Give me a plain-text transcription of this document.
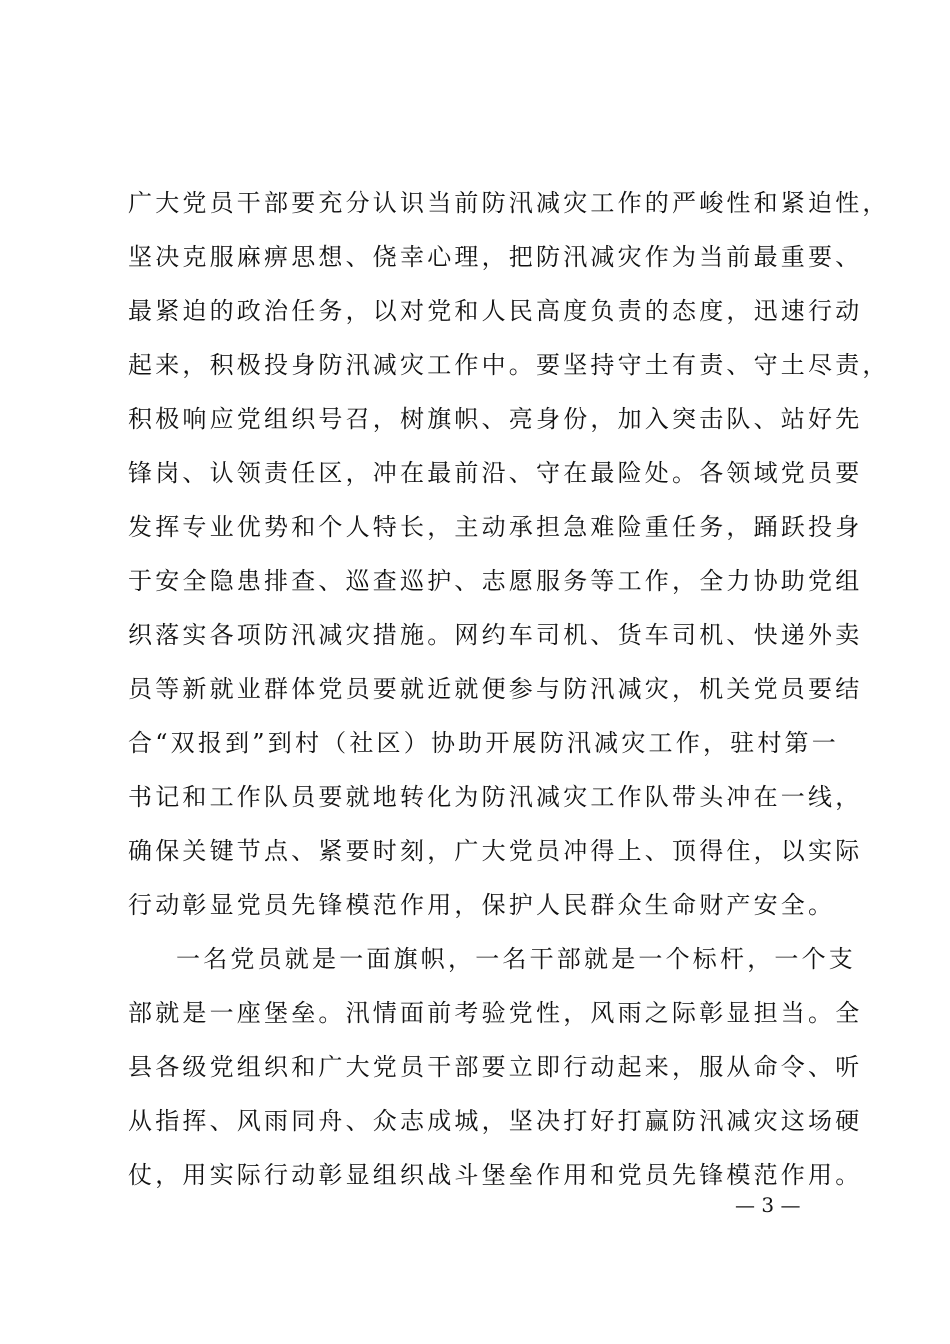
广大党员干部要充分认识当前防汛减灾工作的严峻性和紧迫性，
坚决克服麻痹思想、侥幸心理，把防汛减灾作为当前最重要、
最紧迫的政治任务，以对党和人民高度负责的态度，迅速行动
起来，积极投身防汛减灾工作中。要坚持守土有责、守土尽责，
积极响应党组织号召，树旗帜、亮身份，加入突击队、站好先
锋岗、认领责任区，冲在最前沿、守在最险处。各领域党员要
发挥专业优势和个人特长，主动承担急难险重任务，踊跃投身
于安全隐患排查、巡查巡护、志愿服务等工作，全力协助党组
织落实各项防汛减灾措施。网约车司机、货车司机、快递外卖
员等新就业群体党员要就近就便参与防汛减灾，机关党员要结
合“双报到”到村（社区）协助开展防汛减灾工作，驻村第一
书记和工作队员要就地转化为防汛减灾工作队带头冲在一线，
确保关键节点、紧要时刻，广大党员冲得上、顶得住，以实际
行动彰显党员先锋模范作用，保护人民群众生命财产安全。
一名党员就是一面旗帜，一名干部就是一个标杆，一个支
部就是一座堡垒。汛情面前考验党性，风雨之际彰显担当。全
县各级党组织和广大党员干部要立即行动起来，服从命令、听
从指挥、风雨同舟、众志成城，坚决打好打赢防汛减灾这场硬
仗，用实际行动彰显组织战斗堡垒作用和党员先锋模范作用。
— 3 —
